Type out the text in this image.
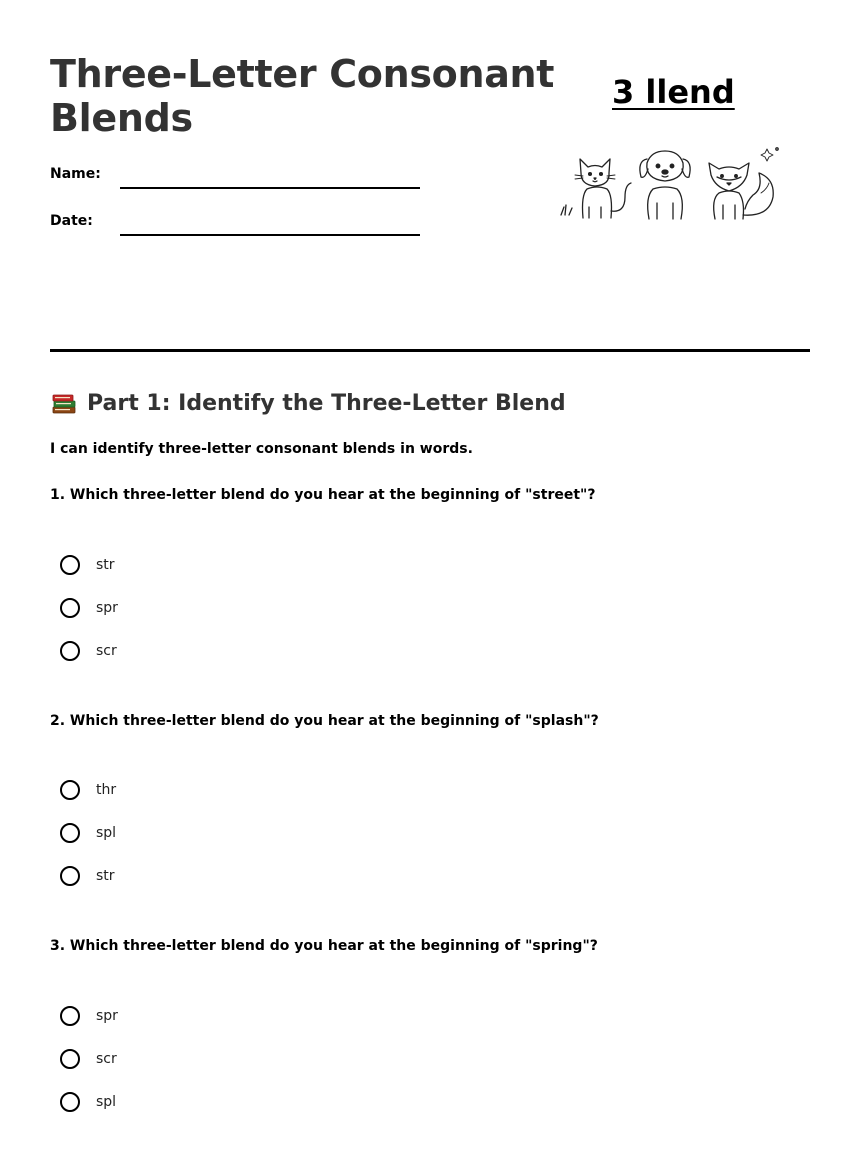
Three-Letter Consonant Blends
3 llend
Name:
Date:
Part 1: Identify the Three-Letter Blend
I can identify three-letter consonant blends in words.
1. Which three-letter blend do you hear at the beginning of "street"?
str
spr
scr
2. Which three-letter blend do you hear at the beginning of "splash"?
thr
spl
str
3. Which three-letter blend do you hear at the beginning of "spring"?
spr
scr
spl
